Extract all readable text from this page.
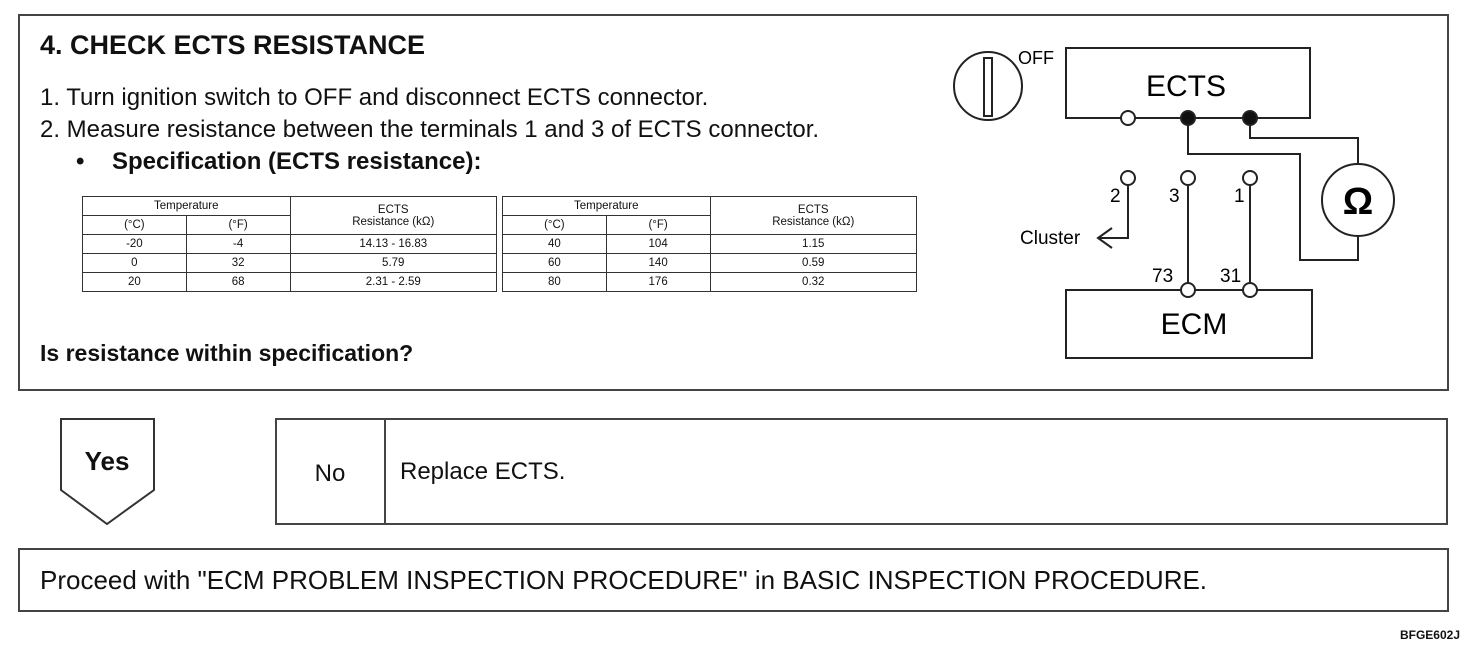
4. CHECK ECTS RESISTANCE
1. Turn ignition switch to OFF and disconnect ECTS connector.
2. Measure resistance between the terminals 1 and 3 of ECTS connector.
• Specification (ECTS resistance):
Temperature		ECTS
Resistance (kΩ)
(°C)	(°F)	
-20	-4	14.13 - 16.83
0	32	5.79
20	68	2.31 - 2.59
Temperature		ECTS
Resistance (kΩ)
(°C)	(°F)	
40	104	1.15
60	140	0.59
80	176	0.32
Is resistance within specification?
OFF
ECTS
ECM
Ω
Cluster
2	3	1
73 31
Yes	No	Replace ECTS.
Proceed with "ECM PROBLEM INSPECTION PROCEDURE" in BASIC INSPECTION PROCEDURE.
BFGE602J
